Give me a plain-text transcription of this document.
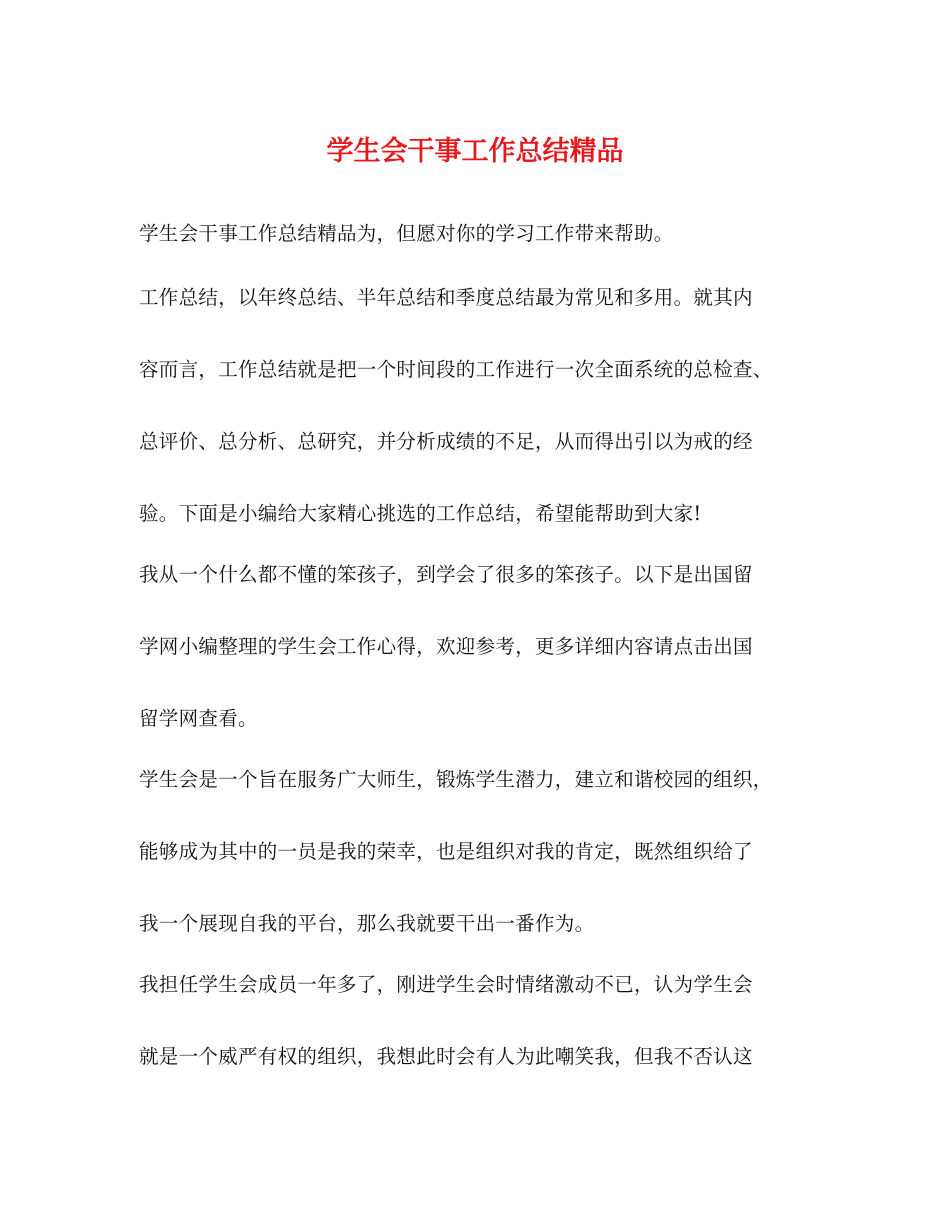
学生会干事工作总结精品
学生会干事工作总结精品为，但愿对你的学习工作带来帮助。
工作总结，以年终总结、半年总结和季度总结最为常见和多用。就其内
容而言，工作总结就是把一个时间段的工作进行一次全面系统的总检查、
总评价、总分析、总研究，并分析成绩的不足，从而得出引以为戒的经
验。下面是小编给大家精心挑选的工作总结，希望能帮助到大家!
我从一个什么都不懂的笨孩子，到学会了很多的笨孩子。以下是出国留
学网小编整理的学生会工作心得，欢迎参考，更多详细内容请点击出国
留学网查看。
学生会是一个旨在服务广大师生，锻炼学生潜力，建立和谐校园的组织，
能够成为其中的一员是我的荣幸，也是组织对我的肯定，既然组织给了
我一个展现自我的平台，那么我就要干出一番作为。
我担任学生会成员一年多了，刚进学生会时情绪激动不已，认为学生会
就是一个威严有权的组织，我想此时会有人为此嘲笑我，但我不否认这
